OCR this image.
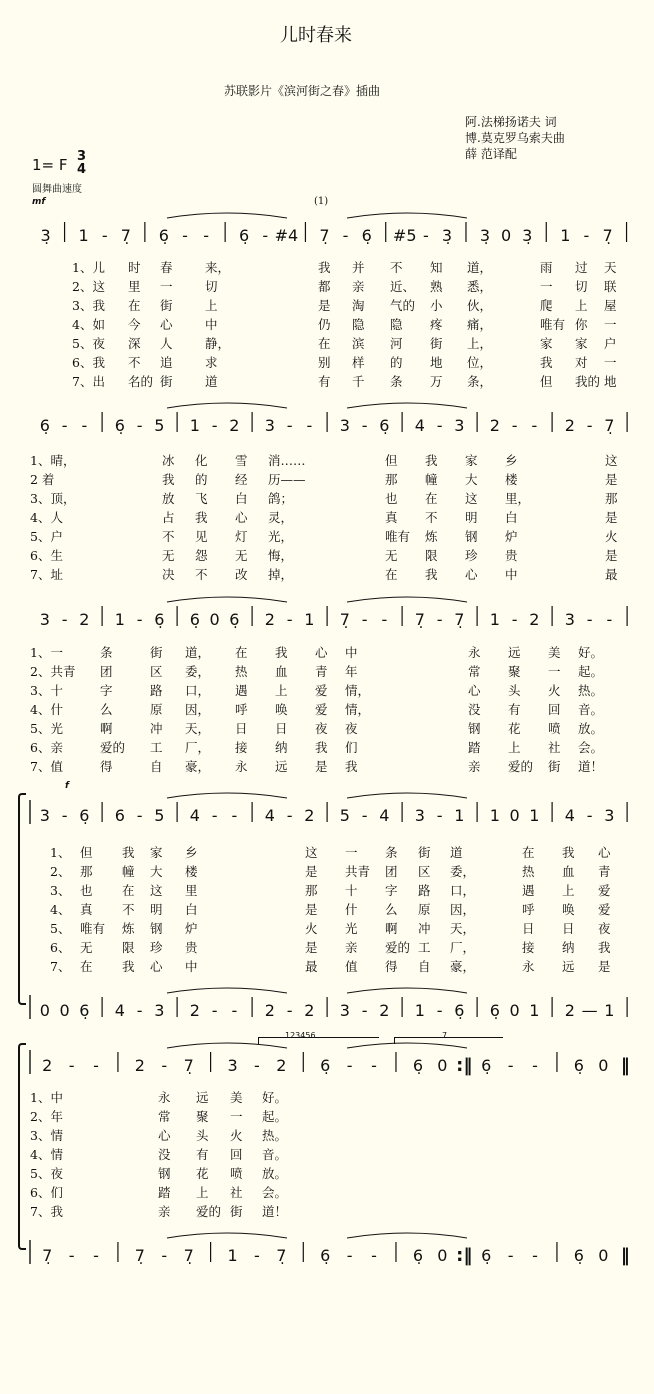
儿时春来
苏联影片《滨河街之春》插曲
阿.法梯扬诺夫 词
博.莫克罗乌索夫曲
薛 范译配
1= F 3
4
圆舞曲速度
mf	(1)
f
3̣ 1 - 7̣ 6̣ - - 6̣ - #4 7̣ - 6̣ #5 - 3̣ 3̣ 0 3̣ 1 - 7̣
6̣ - - 6̣ - 5 1 - 2 3 - - 3 - 6̣ 4 - 3 2 - - 2 - 7̣
3 - 2 1 - 6̣ 6̣ 0 6̣ 2 - 1 7̣ - - 7̣ - 7̣ 1 - 2 3 - -
3 - 6̣ 6 - 5 4 - - 4 - 2 5 - 4 3 - 1 1 0 1 4 - 3
0 0 6̣ 4 - 3 2 - - 2 - 2 3 - 2 1 - 6̣ 6̣ 0 1 2 — 1
2 - - 2 - 7̣ 3 - 2 6̣ - - 6̣ 0 :‖ 6̣ - - 6̣ 0 ‖
7̣ - - 7̣ - 7̣ 1 - 7̣ 6̣ - - 6̣ 0 :‖ 6̣ - - 6̣ 0 ‖
123456	7
1、儿 时 春	来，	我 并 不 知 道，	雨 过 天
2、这 里 一	切	都 亲 近、 熟 悉，	一 切 联
3、我 在 街	上	是 淘 气的 小 伙，	爬 上 屋
4、如 今 心	中	仍 隐 隐 疼 痛，	唯有 你 一
5、夜 深 人	静，	在 滨 河 街 上，	家 家 户
6、我 不 追	求	别 样 的 地 位，	我 对 一
7、出 名的 街	道	有 千 条 万 条，	但 我的 地
1、晴，	冰 化 雪 消……	但 我 家 乡	这
2 着	我 的 经 历——	那 幢 大 楼	是
3、顶，	放 飞 白 鸽；	也 在 这 里，	那
4、人	占 我 心 灵，	真 不 明 白	是
5、户	不 见 灯 光，	唯有 炼 钢 炉	火
6、生	无 怨 无 悔，	无 限 珍 贵	是
7、址	决 不 改 掉，	在 我 心 中	最
1、一	条	街 道， 在 我 心 中	永 远 美 好。
2、共青 团	区 委， 热 血 青 年	常 聚 一 起。
3、十	字	路 口， 遇 上 爱 情，	心 头 火 热。
4、什	么	原 因， 呼 唤 爱 情，	没 有 回 音。
5、光	啊	冲 天， 日 日 夜 夜	钢 花 喷 放。
6、亲	爱的 工 厂， 接 纳 我 们	踏 上 社 会。
7、值	得	自 豪， 永 远 是 我	亲 爱的 街 道！
1、 但 我 家 乡	这 一 条 街 道	在 我 心
2、 那 幢 大 楼	是 共青 团 区 委，	热 血 青
3、 也 在 这 里	那 十 字 路 口，	遇 上 爱
4、 真 不 明 白	是 什 么 原 因，	呼 唤 爱
5、 唯有 炼 钢 炉	火 光 啊 冲 天，	日 日 夜
6、 无 限 珍 贵	是 亲 爱的 工 厂，	接 纳 我
7、 在 我 心 中	最 值 得 自 豪，	永 远 是
1、中	永 远 美 好。
2、年	常 聚 一 起。
3、情	心 头 火 热。
4、情	没 有 回 音。
5、夜	钢 花 喷 放。
6、们	踏 上 社 会。
7、我	亲 爱的 街 道！
